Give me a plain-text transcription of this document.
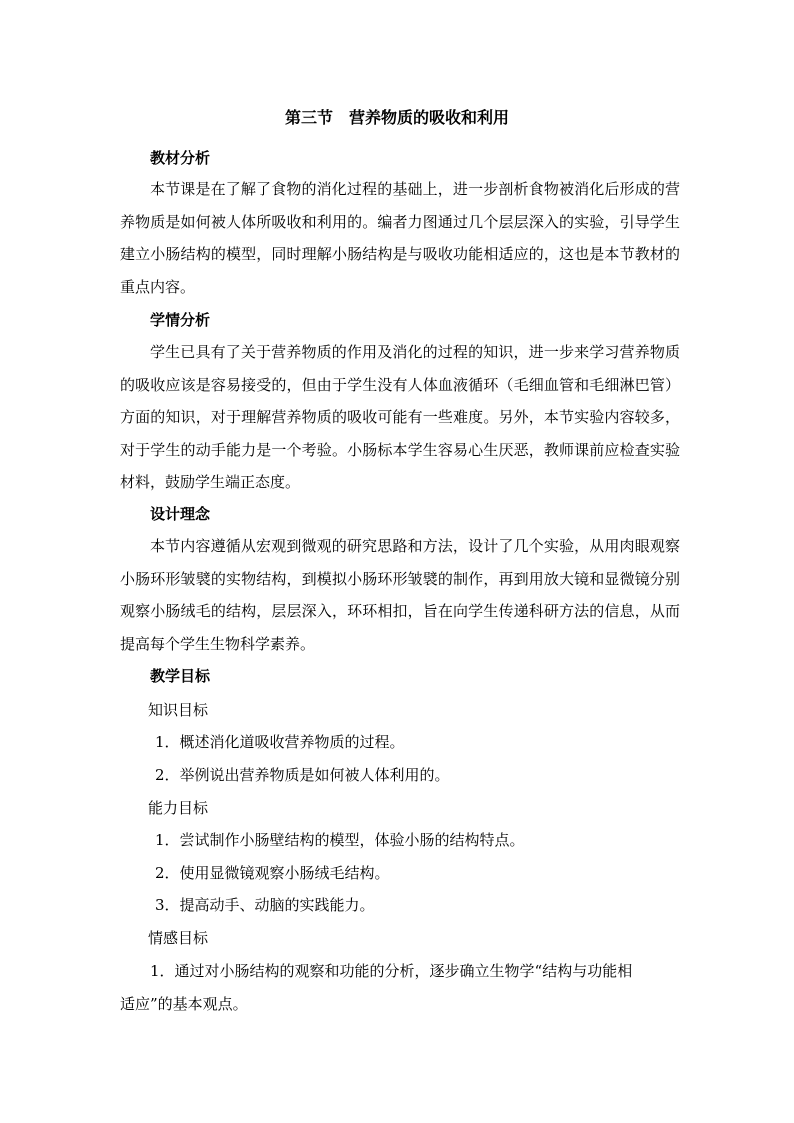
第三节　营养物质的吸收和利用
教材分析
本节课是在了解了食物的消化过程的基础上，进一步剖析食物被消化后形成的营养物质是如何被人体所吸收和利用的。编者力图通过几个层层深入的实验，引导学生建立小肠结构的模型，同时理解小肠结构是与吸收功能相适应的，这也是本节教材的重点内容。
学情分析
学生已具有了关于营养物质的作用及消化的过程的知识，进一步来学习营养物质的吸收应该是容易接受的，但由于学生没有人体血液循环（毛细血管和毛细淋巴管）方面的知识，对于理解营养物质的吸收可能有一些难度。另外，本节实验内容较多，对于学生的动手能力是一个考验。小肠标本学生容易心生厌恶，教师课前应检查实验材料，鼓励学生端正态度。
设计理念
本节内容遵循从宏观到微观的研究思路和方法，设计了几个实验，从用肉眼观察小肠环形皱襞的实物结构，到模拟小肠环形皱襞的制作，再到用放大镜和显微镜分别观察小肠绒毛的结构，层层深入，环环相扣，旨在向学生传递科研方法的信息，从而提高每个学生生物科学素养。
教学目标
知识目标
1．概述消化道吸收营养物质的过程。
2．举例说出营养物质是如何被人体利用的。
能力目标
1．尝试制作小肠壁结构的模型，体验小肠的结构特点。
2．使用显微镜观察小肠绒毛结构。
3．提高动手、动脑的实践能力。
情感目标
1．通过对小肠结构的观察和功能的分析，逐步确立生物学“结构与功能相
适应”的基本观点。
